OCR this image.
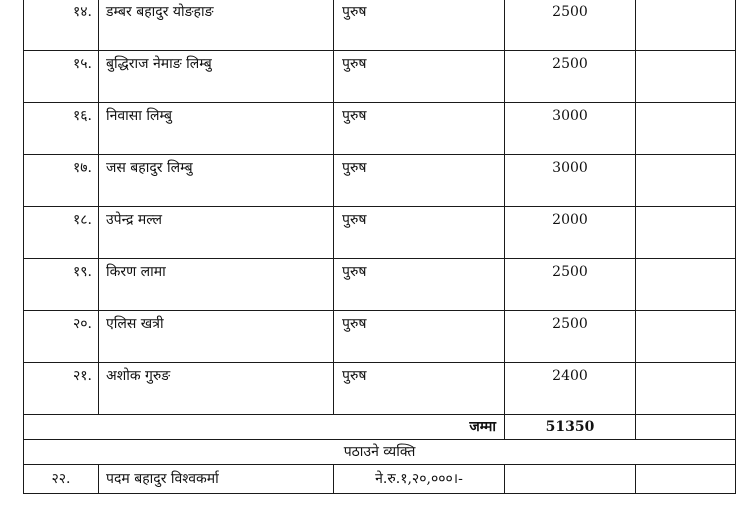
१४.	डम्बर बहादुर योङहाङ	पुरुष	2500	

१५.	बुद्धिराज नेमाङ लिम्बु	पुरुष	2500	

१६.	निवासा लिम्बु	पुरुष	3000	

१७.	जस बहादुर लिम्बु	पुरुष	3000	

१८.	उपेन्द्र मल्ल	पुरुष	2000	

१९.	किरण लामा	पुरुष	2500	

२०.	एलिस खत्री	पुरुष	2500	

२१.	अशोक गुरुङ	पुरुष	2400	

जम्मा			51350	
पठाउने व्यक्ति				
२२.	पदम बहादुर विश्वकर्मा	ने.रु.१,२०,०००।-		
